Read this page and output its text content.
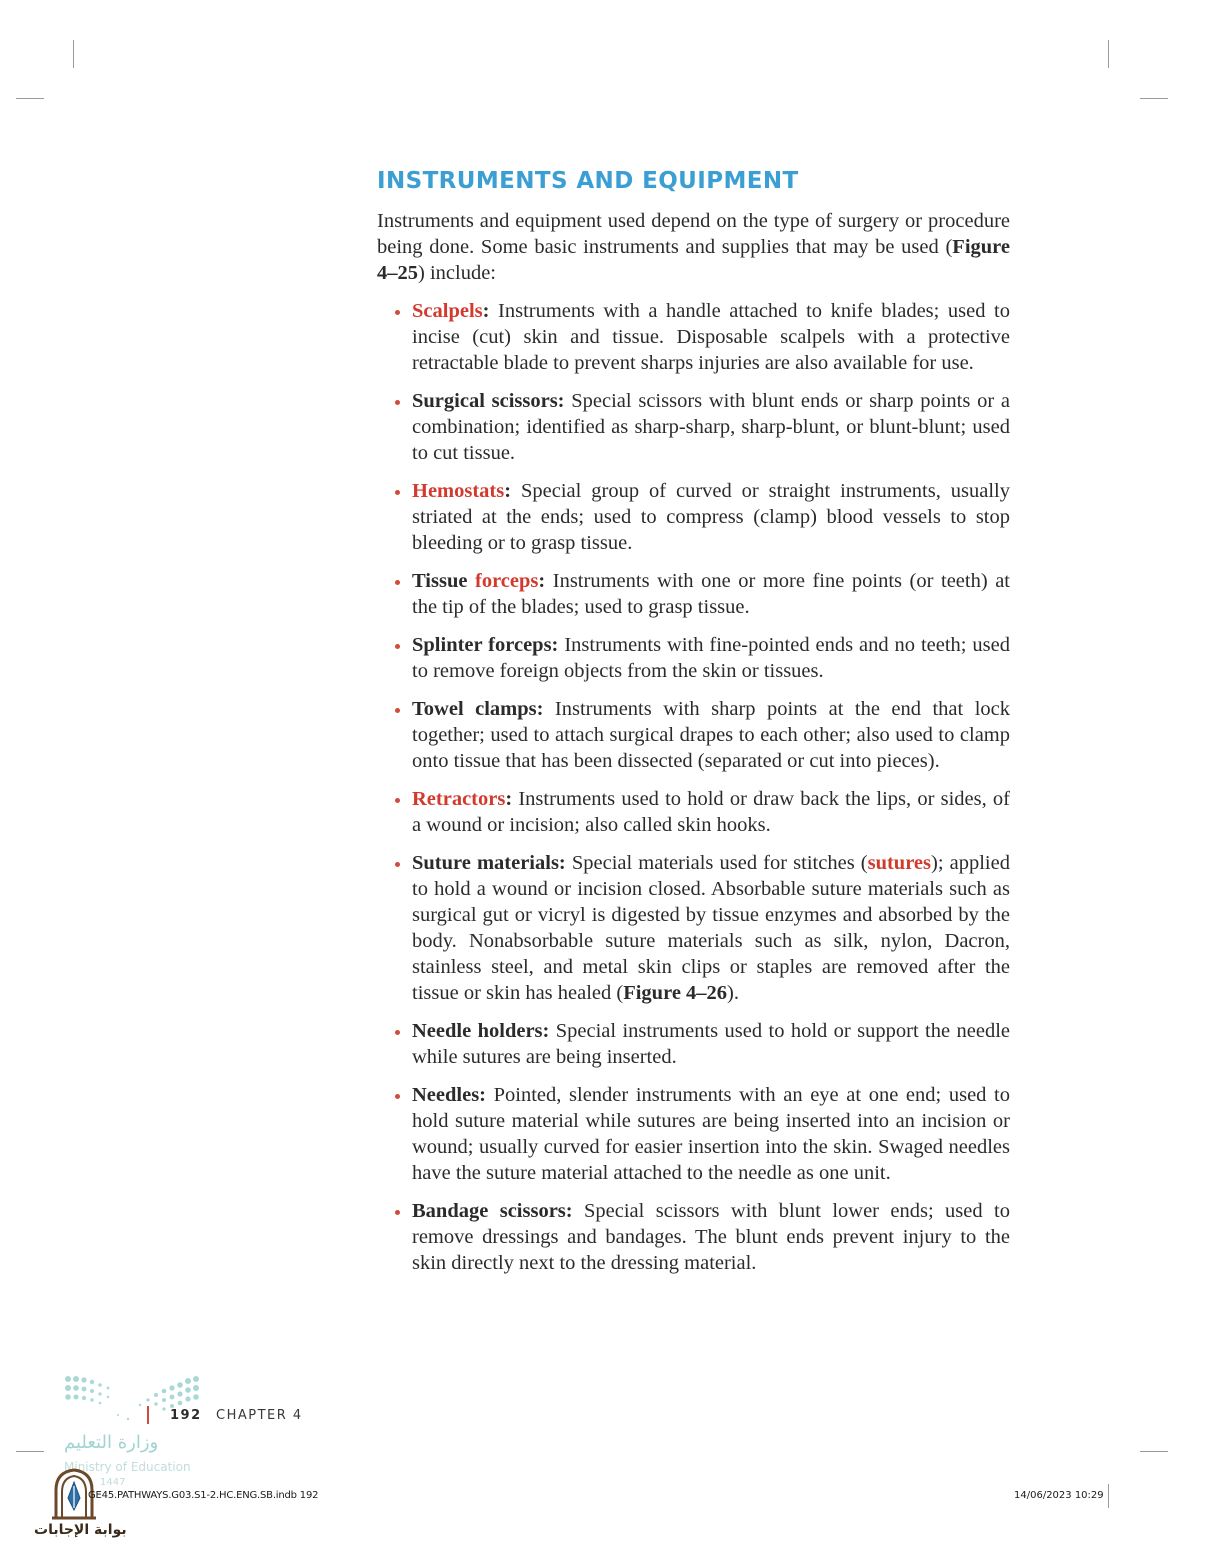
INSTRUMENTS AND EQUIPMENT

Instruments and equipment used depend on the type of surgery or procedure being done. Some basic instruments and supplies that may be used (Figure 4–25) include:

Scalpels: Instruments with a handle attached to knife blades; used to incise (cut) skin and tissue. Disposable scalpels with a protective retractable blade to prevent sharps injuries are also available for use.
Surgical scissors: Special scissors with blunt ends or sharp points or a combination; identified as sharp-sharp, sharp-blunt, or blunt-blunt; used to cut tissue.
Hemostats: Special group of curved or straight instruments, usually striated at the ends; used to compress (clamp) blood vessels to stop bleeding or to grasp tissue.
Tissue forceps: Instruments with one or more fine points (or teeth) at the tip of the blades; used to grasp tissue.
Splinter forceps: Instruments with fine-pointed ends and no teeth; used to remove foreign objects from the skin or tissues.
Towel clamps: Instruments with sharp points at the end that lock together; used to attach surgical drapes to each other; also used to clamp onto tissue that has been dissected (separated or cut into pieces).
Retractors: Instruments used to hold or draw back the lips, or sides, of a wound or incision; also called skin hooks.
Suture materials: Special materials used for stitches (sutures); applied to hold a wound or incision closed. Absorbable suture materials such as surgical gut or vicryl is digested by tissue enzymes and absorbed by the body. Nonabsorbable suture materials such as silk, nylon, Dacron, stainless steel, and metal skin clips or staples are removed after the tissue or skin has healed (Figure 4–26).
Needle holders: Special instruments used to hold or support the needle while sutures are being inserted.
Needles: Pointed, slender instruments with an eye at one end; used to hold suture material while sutures are being inserted into an incision or wound; usually curved for easier insertion into the skin. Swaged needles have the suture material attached to the needle as one unit.
Bandage scissors: Special scissors with blunt lower ends; used to remove dressings and bandages. The blunt ends prevent injury to the skin directly next to the dressing material.
192 CHAPTER 4
وزارة التعليم
Ministry of Education
1447
GE45.PATHWAYS.G03.S1-2.HC.ENG.SB.indb 192	14/06/2023 10:29
بوابة الإجابات
